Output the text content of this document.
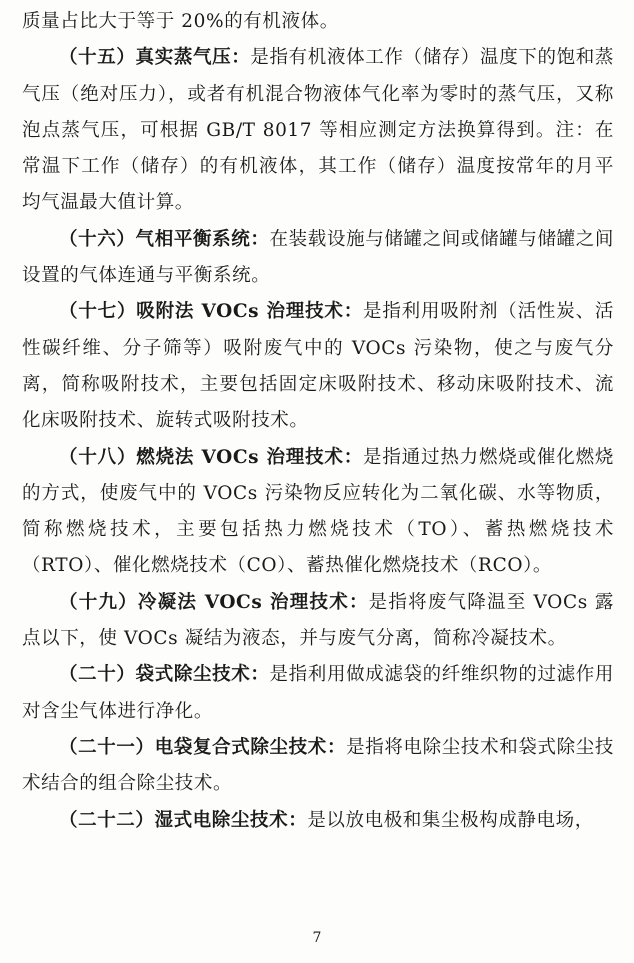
质量占比大于等于 20%的有机液体。

（十五）真实蒸气压：是指有机液体工作（储存）温度下的饱和蒸气压（绝对压力），或者有机混合物液体气化率为零时的蒸气压，又称泡点蒸气压，可根据 GB/T 8017 等相应测定方法换算得到。注：在常温下工作（储存）的有机液体，其工作（储存）温度按常年的月平均气温最大值计算。

（十六）气相平衡系统：在装载设施与储罐之间或储罐与储罐之间设置的气体连通与平衡系统。

（十七）吸附法 VOCs 治理技术：是指利用吸附剂（活性炭、活性碳纤维、分子筛等）吸附废气中的 VOCs 污染物，使之与废气分离，简称吸附技术，主要包括固定床吸附技术、移动床吸附技术、流化床吸附技术、旋转式吸附技术。

（十八）燃烧法 VOCs 治理技术：是指通过热力燃烧或催化燃烧的方式，使废气中的 VOCs 污染物反应转化为二氧化碳、水等物质，简称燃烧技术，主要包括热力燃烧技术（TO）、蓄热燃烧技术（RTO）、催化燃烧技术（CO）、蓄热催化燃烧技术（RCO）。

（十九）冷凝法 VOCs 治理技术：是指将废气降温至 VOCs 露点以下，使 VOCs 凝结为液态，并与废气分离，简称冷凝技术。

（二十）袋式除尘技术：是指利用做成滤袋的纤维织物的过滤作用对含尘气体进行净化。

（二十一）电袋复合式除尘技术：是指将电除尘技术和袋式除尘技术结合的组合除尘技术。

（二十二）湿式电除尘技术：是以放电极和集尘极构成静电场，

7
